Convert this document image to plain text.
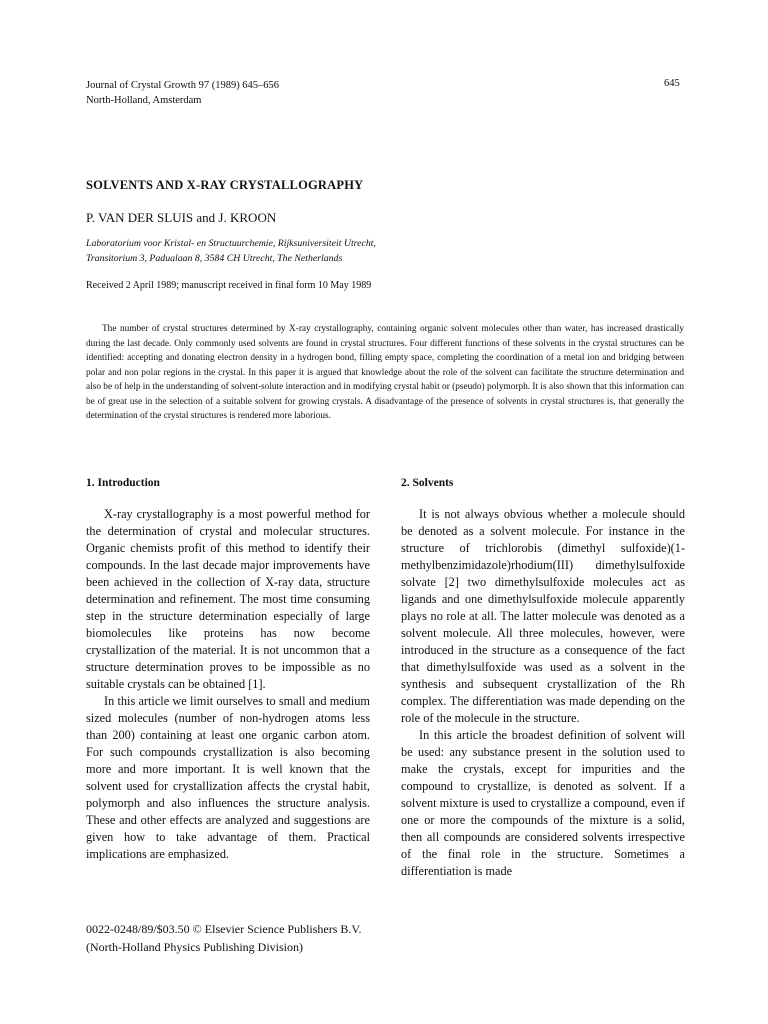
Journal of Crystal Growth 97 (1989) 645–656
North-Holland, Amsterdam
645
SOLVENTS AND X-RAY CRYSTALLOGRAPHY
P. VAN DER SLUIS and J. KROON
Laboratorium voor Kristal- en Structuurchemie, Rijksuniversiteit Utrecht,
Transitorium 3, Padualaan 8, 3584 CH Utrecht, The Netherlands
Received 2 April 1989; manuscript received in final form 10 May 1989
The number of crystal structures determined by X-ray crystallography, containing organic solvent molecules other than water, has increased drastically during the last decade. Only commonly used solvents are found in crystal structures. Four different functions of these solvents in the crystal structures can be identified: accepting and donating electron density in a hydrogen bond, filling empty space, completing the coordination of a metal ion and bridging between polar and non polar regions in the crystal. In this paper it is argued that knowledge about the role of the solvent can facilitate the structure determination and also be of help in the understanding of solvent-solute interaction and in modifying crystal habit or (pseudo) polymorph. It is also shown that this information can be of great use in the selection of a suitable solvent for growing crystals. A disadvantage of the presence of solvents in crystal structures is, that generally the determination of the crystal structures is rendered more laborious.
1. Introduction	2. Solvents

X-ray crystallography is a most powerful method for the determination of crystal and molecular structures. Organic chemists profit of this method to identify their compounds. In the last decade major improvements have been achieved in the collection of X-ray data, structure determination and refinement. The most time consuming step in the structure determination especially of large biomolecules like proteins has now become crystallization of the material. It is not uncommon that a structure determination proves to be impossible as no suitable crystals can be obtained [1].

In this article we limit ourselves to small and medium sized molecules (number of non-hydrogen atoms less than 200) containing at least one organic carbon atom. For such compounds crystallization is also becoming more and more important. It is well known that the solvent used for crystallization affects the crystal habit, polymorph and also influences the structure analysis. These and other effects are analyzed and suggestions are given how to take advantage of them. Practical implications are emphasized.

It is not always obvious whether a molecule should be denoted as a solvent molecule. For instance in the structure of trichlorobis (dimethyl sulfoxide)(1-methylbenzimidazole)rhodium(III) dimethylsulfoxide solvate [2] two dimethylsulfoxide molecules act as ligands and one dimethylsulfoxide molecule apparently plays no role at all. The latter molecule was denoted as a solvent molecule. All three molecules, however, were introduced in the structure as a consequence of the fact that dimethylsulfoxide was used as a solvent in the synthesis and subsequent crystallization of the Rh complex. The differentiation was made depending on the role of the molecule in the structure.

In this article the broadest definition of solvent will be used: any substance present in the solution used to make the crystals, except for impurities and the compound to crystallize, is denoted as solvent. If a solvent mixture is used to crystallize a compound, even if one or more the compounds of the mixture is a solid, then all compounds are considered solvents irrespective of the final role in the structure. Sometimes a differentiation is made

0022-0248/89/$03.50 © Elsevier Science Publishers B.V.
(North-Holland Physics Publishing Division)
